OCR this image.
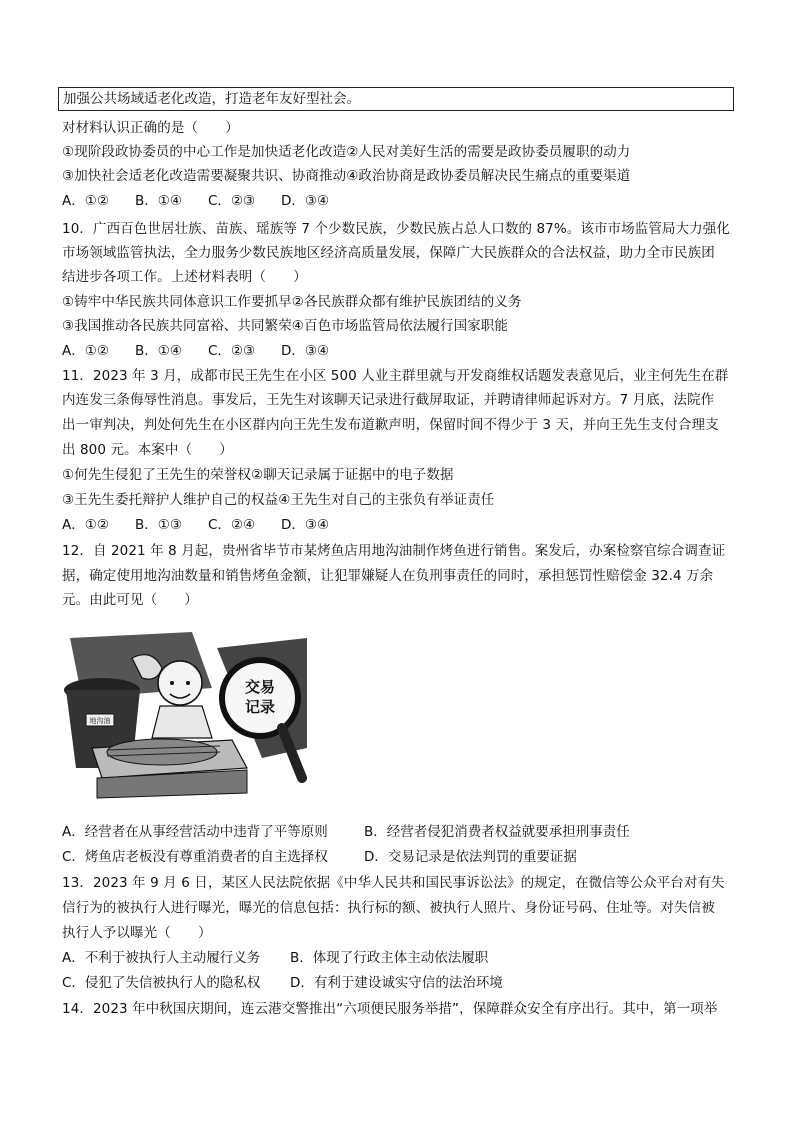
加强公共场域适老化改造，打造老年友好型社会。
对材料认识正确的是（　　）
①现阶段政协委员的中心工作是加快适老化改造②人民对美好生活的需要是政协委员履职的动力
③加快社会适老化改造需要凝聚共识、协商推动④政治协商是政协委员解决民生痛点的重要渠道
A．①② B．①④ C．②③ D．③④
10．广西百色世居壮族、苗族、瑶族等 7 个少数民族，少数民族占总人口数的 87%。该市市场监管局大力强化
市场领域监管执法，全力服务少数民族地区经济高质量发展，保障广大民族群众的合法权益，助力全市民族团
结进步各项工作。上述材料表明（　　）
①铸牢中华民族共同体意识工作要抓早②各民族群众都有维护民族团结的义务
③我国推动各民族共同富裕、共同繁荣④百色市场监管局依法履行国家职能
A．①② B．①④ C．②③ D．③④
11．2023 年 3 月，成都市民王先生在小区 500 人业主群里就与开发商维权话题发表意见后，业主何先生在群
内连发三条侮辱性消息。事发后，王先生对该聊天记录进行截屏取证，并聘请律师起诉对方。7 月底，法院作
出一审判决，判处何先生在小区群内向王先生发布道歉声明，保留时间不得少于 3 天，并向王先生支付合理支
出 800 元。本案中（　　）
①何先生侵犯了王先生的荣誉权②聊天记录属于证据中的电子数据
③王先生委托辩护人维护自己的权益④王先生对自己的主张负有举证责任
A．①② B．①③ C．②④ D．③④
12．自 2021 年 8 月起，贵州省毕节市某烤鱼店用地沟油制作烤鱼进行销售。案发后，办案检察官综合调查证
据，确定使用地沟油数量和销售烤鱼金额，让犯罪嫌疑人在负刑事责任的同时，承担惩罚性赔偿金 32.4 万余
元。由此可见（　　）
地沟油
交易
记录
A．经营者在从事经营活动中违背了平等原则	B．经营者侵犯消费者权益就要承担刑事责任
C．烤鱼店老板没有尊重消费者的自主选择权	D．交易记录是依法判罚的重要证据
13．2023 年 9 月 6 日，某区人民法院依据《中华人民共和国民事诉讼法》的规定，在微信等公众平台对有失
信行为的被执行人进行曝光，曝光的信息包括：执行标的额、被执行人照片、身份证号码、住址等。对失信被
执行人予以曝光（　　）
A．不利于被执行人主动履行义务 B．体现了行政主体主动依法履职
C．侵犯了失信被执行人的隐私权 D．有利于建设诚实守信的法治环境
14．2023 年中秋国庆期间，连云港交警推出“六项便民服务举措”，保障群众安全有序出行。其中，第一项举
